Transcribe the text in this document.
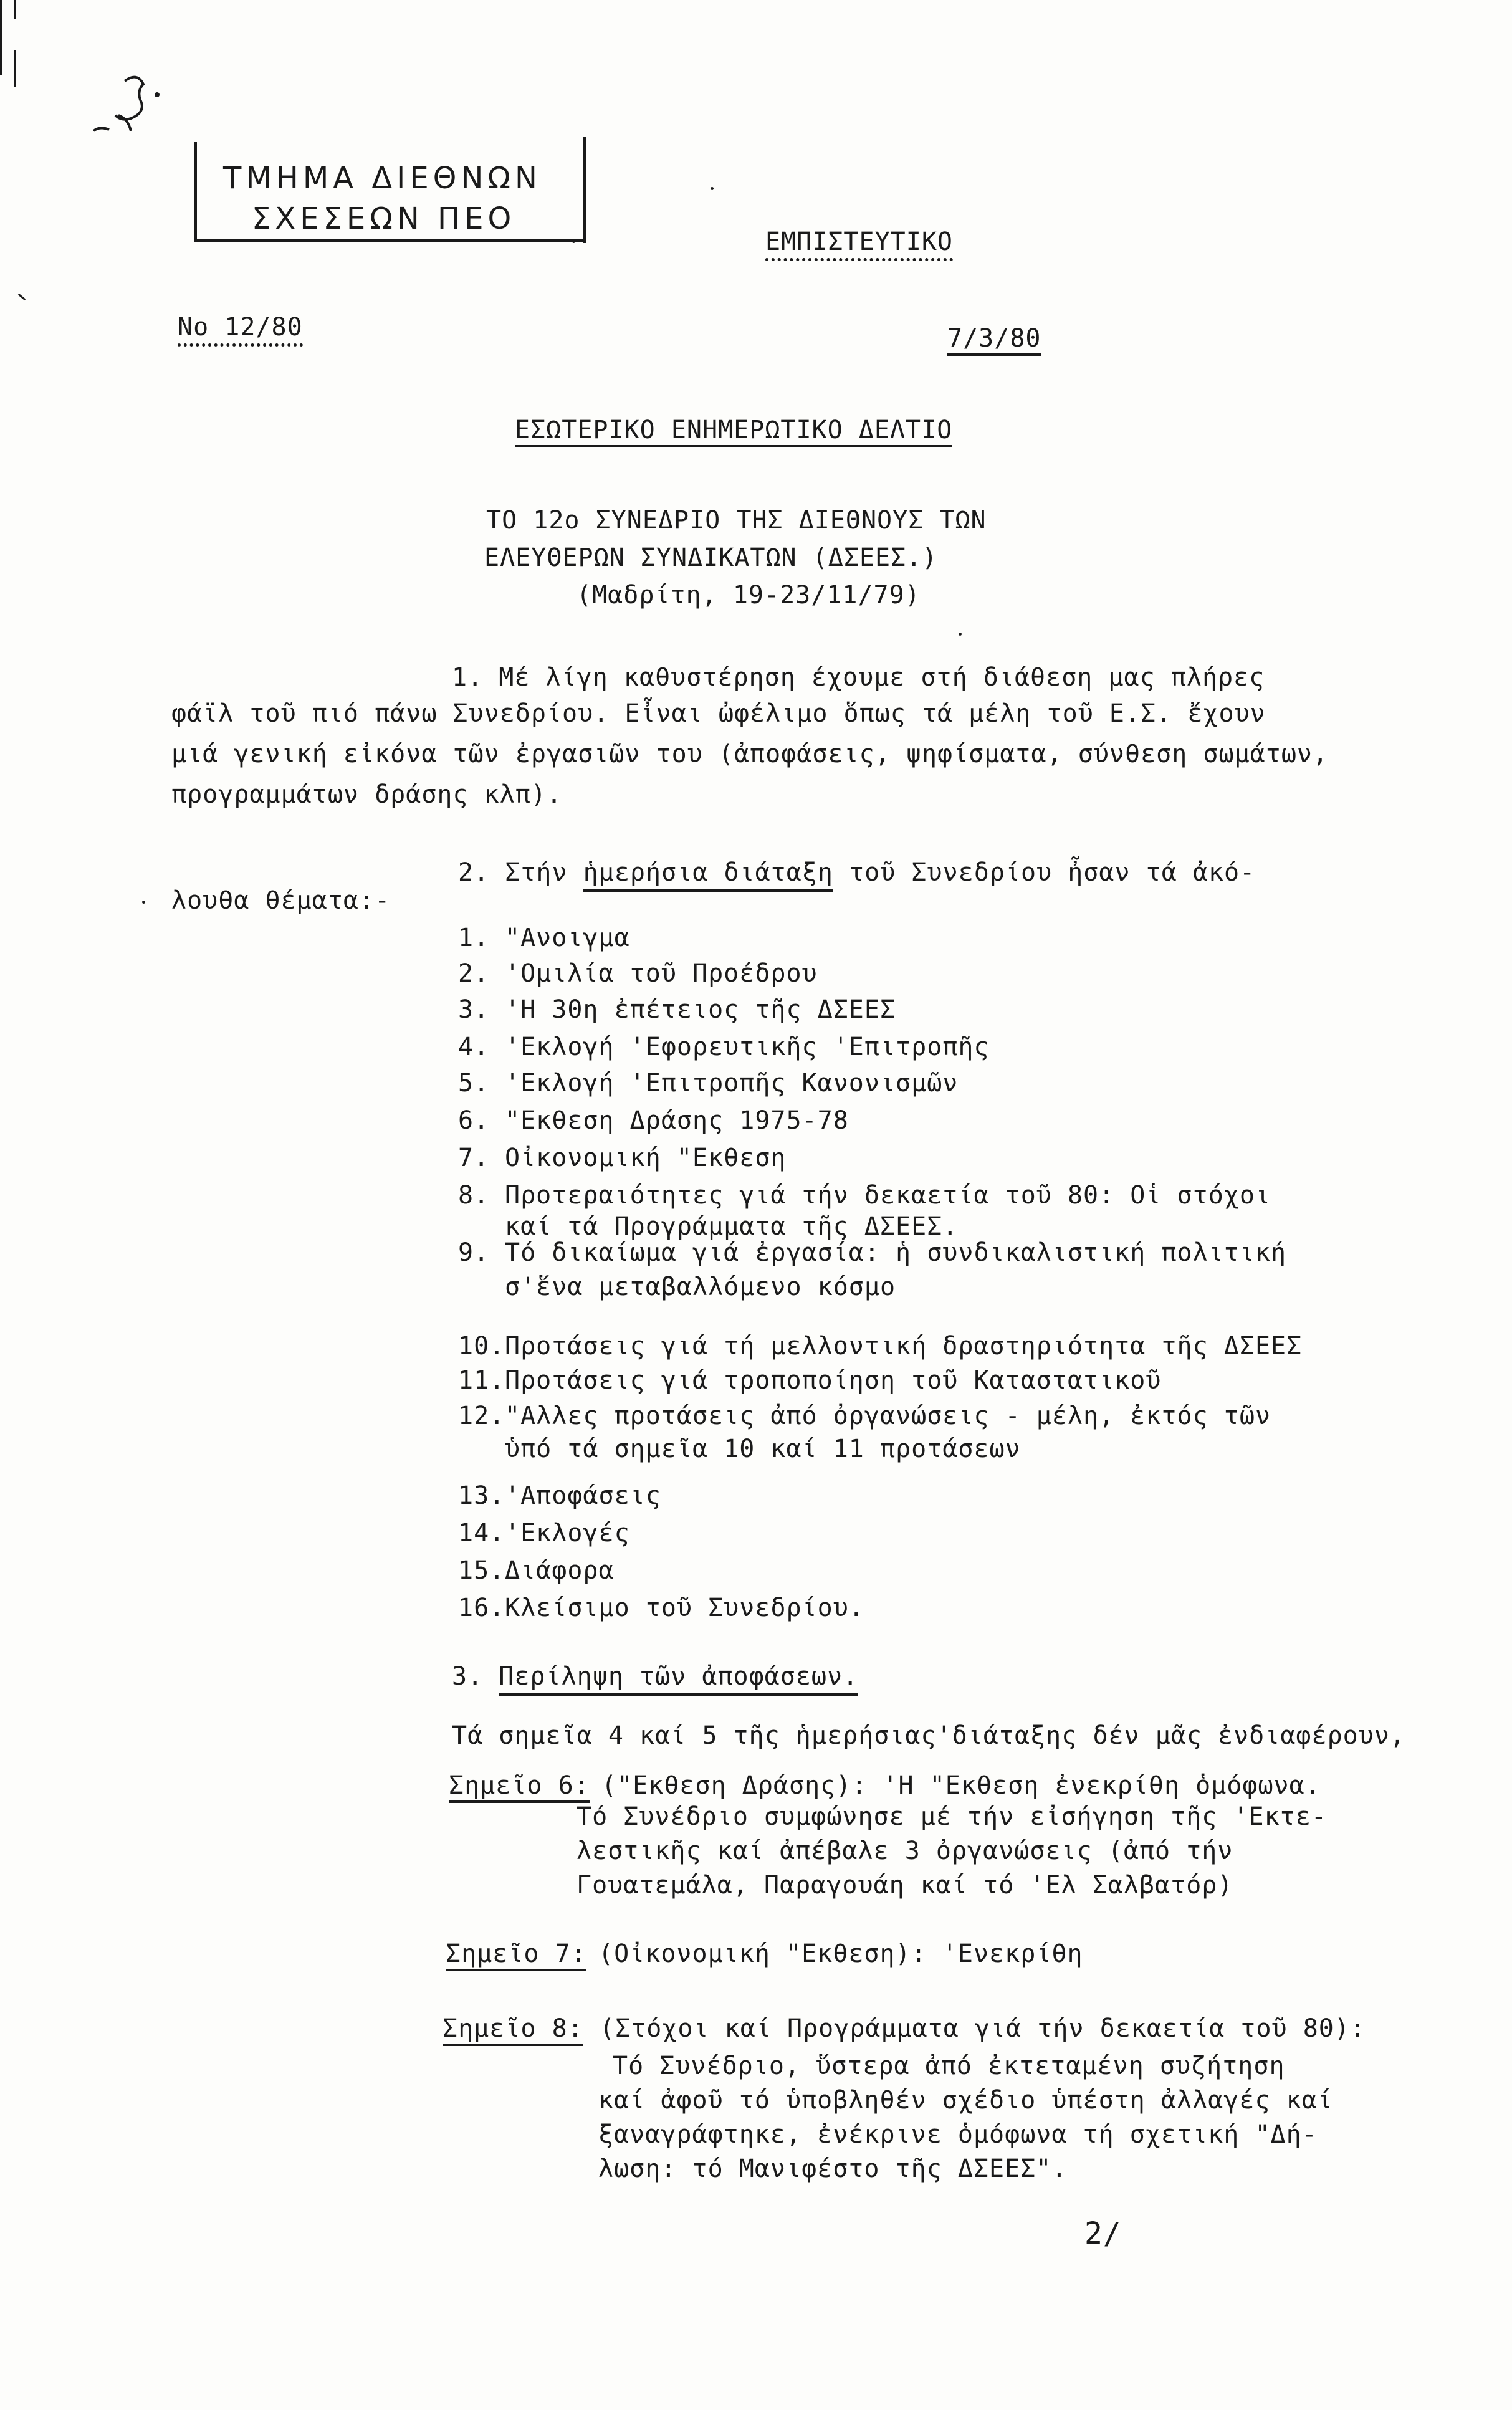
ΤΜΗΜΑ ΔΙΕΘΝΩΝ
ΣΧΕΣΕΩΝ ΠΕΟ
ΕΜΠΙΣΤΕΥΤΙΚΟ
Νο 12/80	7/3/80
ΕΣΩΤΕΡΙΚΟ ΕΝΗΜΕΡΩΤΙΚΟ ΔΕΛΤΙΟ
ΤΟ 12ο ΣΥΝΕΔΡΙΟ ΤΗΣ ΔΙΕΘΝΟΥΣ ΤΩΝ
ΕΛΕΥΘΕΡΩΝ ΣΥΝΔΙΚΑΤΩΝ (ΔΣΕΕΣ.)
(Μαδρίτη, 19-23/11/79)
1. Μέ λίγη καθυστέρηση έχουμε στή διάθεση μας πλήρες
φάϊλ τοῦ πιό πάνω Συνεδρίου. Εἶναι ὠφέλιμο ὅπως τά μέλη τοῦ Ε.Σ. ἔχουν
μιά γενική εἰκόνα τῶν ἐργασιῶν του (ἀποφάσεις, ψηφίσματα, σύνθεση σωμάτων,
προγραμμάτων δράσης κλπ).
2. Στήν ἡμερήσια διάταξη τοῦ Συνεδρίου ἦσαν τά ἀκό-
λουθα θέματα:-
1. "Ανοιγμα
2. 'Ομιλία τοῦ Προέδρου
3. 'Η 30η ἐπέτειος τῆς ΔΣΕΕΣ
4. 'Εκλογή 'Εφορευτικῆς 'Επιτροπῆς
5. 'Εκλογή 'Επιτροπῆς Κανονισμῶν
6. "Εκθεση Δράσης 1975-78
7. Οἰκονομική "Εκθεση
8. Προτεραιότητες γιά τήν δεκαετία τοῦ 80: Οἱ στόχοι
καί τά Προγράμματα τῆς ΔΣΕΕΣ.
9. Τό δικαίωμα γιά ἐργασία: ἡ συνδικαλιστική πολιτική
σ'ἕνα μεταβαλλόμενο κόσμο
10. Προτάσεις γιά τή μελλοντική δραστηριότητα τῆς ΔΣΕΕΣ
11. Προτάσεις γιά τροποποίηση τοῦ Καταστατικοῦ
12. "Αλλες προτάσεις ἀπό ὀργανώσεις - μέλη, ἐκτός τῶν
ὑπό τά σημεῖα 10 καί 11 προτάσεων
13. 'Αποφάσεις
14. 'Εκλογές
15. Διάφορα
16. Κλείσιμο τοῦ Συνεδρίου.
3. Περίληψη τῶν ἀποφάσεων.
Τά σημεῖα 4 καί 5 τῆς ἡμερήσιας'διάταξης δέν μᾶς ἐνδιαφέρουν,
Σημεῖο 6: ("Εκθεση Δράσης): 'Η "Εκθεση ἐνεκρίθη ὁμόφωνα.
Τό Συνέδριο συμφώνησε μέ τήν εἰσήγηση τῆς 'Εκτε-
λεστικῆς καί ἀπέβαλε 3 ὀργανώσεις (ἀπό τήν
Γουατεμάλα, Παραγουάη καί τό 'Ελ Σαλβατόρ)
Σημεῖο 7: (Οἰκονομική "Εκθεση): 'Ενεκρίθη
Σημεῖο 8: (Στόχοι καί Προγράμματα γιά τήν δεκαετία τοῦ 80):
Τό Συνέδριο, ὕστερα ἀπό ἐκτεταμένη συζήτηση
καί ἀφοῦ τό ὑποβληθέν σχέδιο ὑπέστη ἀλλαγές καί
ξαναγράφτηκε, ἐνέκρινε ὁμόφωνα τή σχετική "Δή-
λωση: τό Μανιφέστο τῆς ΔΣΕΕΣ".
2/
